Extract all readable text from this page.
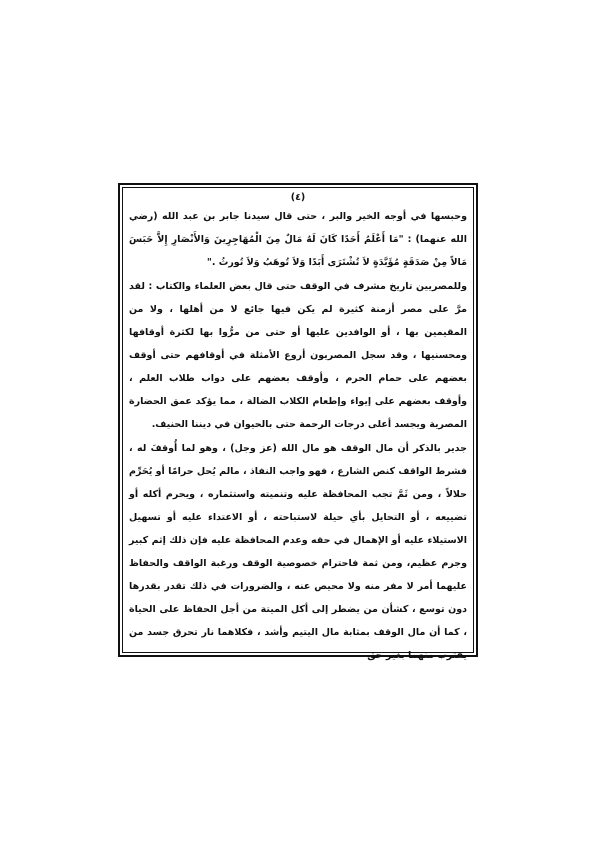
(٤)

وحبسها في أوجه الخير والبر ، حتى قال سيدنا جابر بن عبد الله (رضي الله عنهما) : "مَا أَعْلَمُ أَحَدًا كَانَ لَهُ مَالٌ مِنَ الْمُهَاجِرِينَ وَالأَنْصَارِ إِلاَّ حَبَسَ مَالاً مِنْ صَدَقَةٍ مُؤَبَّدَةٍ لاَ تُشْتَرَى أَبَدًا وَلاَ تُوهَبُ وَلاَ تُورثُ ."

وللمصريين تاريخ مشرف في الوقف حتى قال بعض العلماء والكتاب : لقد مرَّ على مصر أزمنة كثيرة لم يكن فيها جائع لا من أهلها ، ولا من المقيمين بها ، أو الوافدين عليها أو حتى من مرُّوا بها لكثرة أوقافها ومحسنيها ، وقد سجل المصريون أروع الأمثلة في أوقافهم حتى أوقف بعضهم على حمام الحرم ، وأوقف بعضهم على دواب طلاب العلم ، وأوقف بعضهم على إيواء وإطعام الكلاب الضالة ، مما يؤكد عمق الحضارة المصرية ويجسد أعلى درجات الرحمة حتى بالحيوان في ديننا الحنيف.

جدير بالذكر أن مال الوقف هو مال الله (عز وجل) ، وهو لما أُوقفَ له ، فشرط الواقف كنص الشارع ، فهو واجب النفاذ ، مالم يُحل حرامًا أو يُحَرِّم حلالاً ، ومن ثَمَّ تجب المحافظة عليه وتنميته واستثماره ، ويحرم أكله أو تضييعه ، أو التحايل بأي حيلة لاستباحته ، أو الاعتداء عليه أو تسهيل الاستيلاء عليه أو الإهمال في حقه وعدم المحافظة عليه فإن ذلك إثم كبير وجرم عظيم، ومن ثمة فاحترام خصوصية الوقف ورغبة الواقف والحفاظ عليهما أمر لا مفر منه ولا محيص عنه ، والضرورات في ذلك تقدر بقدرها دون توسع ، كشأن من يضطر إلى أكل الميتة من أجل الحفاظ على الحياة ، كما أن مال الوقف بمثابة مال اليتيم وأشد ، فكلاهما نار تحرق جسد من يقترب منهما بغير حق
